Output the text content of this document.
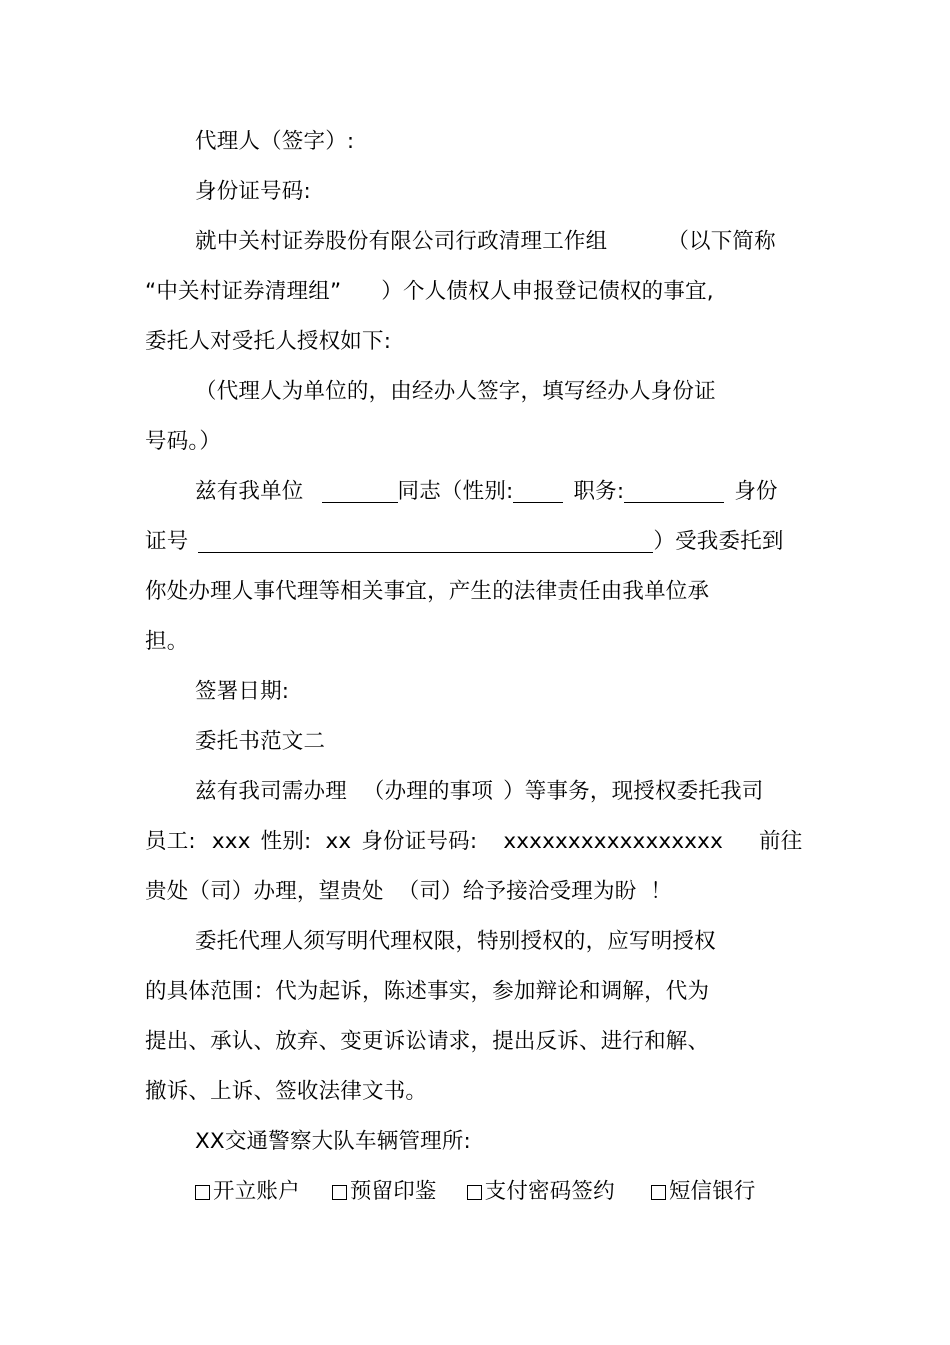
代理人（签字）:

身份证号码:

就中关村证券股份有限公司行政清理工作组	（以下简称

“中关村证券清理组” ）个人债权人申报登记债权的事宜,

委托人对受托人授权如下:

（代理人为单位的，由经办人签字，填写经办人身份证

号码。）

兹有我单位	同志（性别:	职务:	身份

证号	）受我委托到

你处办理人事代理等相关事宜，产生的法律责任由我单位承

担。

签署日期:

委托书范文二

兹有我司需办理 （办理的事项 ）等事务，现授权委托我司

员工: xxx 性别: xx 身份证号码: xxxxxxxxxxxxxxxxx 前往

贵处（司）办理，望贵处 （司）给予接洽受理为盼 ！

委托代理人须写明代理权限，特别授权的，应写明授权

的具体范围：代为起诉，陈述事实，参加辩论和调解，代为

提出、承认、放弃、变更诉讼请求，提出反诉、进行和解、

撤诉、上诉、签收法律文书。

XX交通警察大队车辆管理所:

开立账户 预留印鉴 支付密码签约	短信银行
